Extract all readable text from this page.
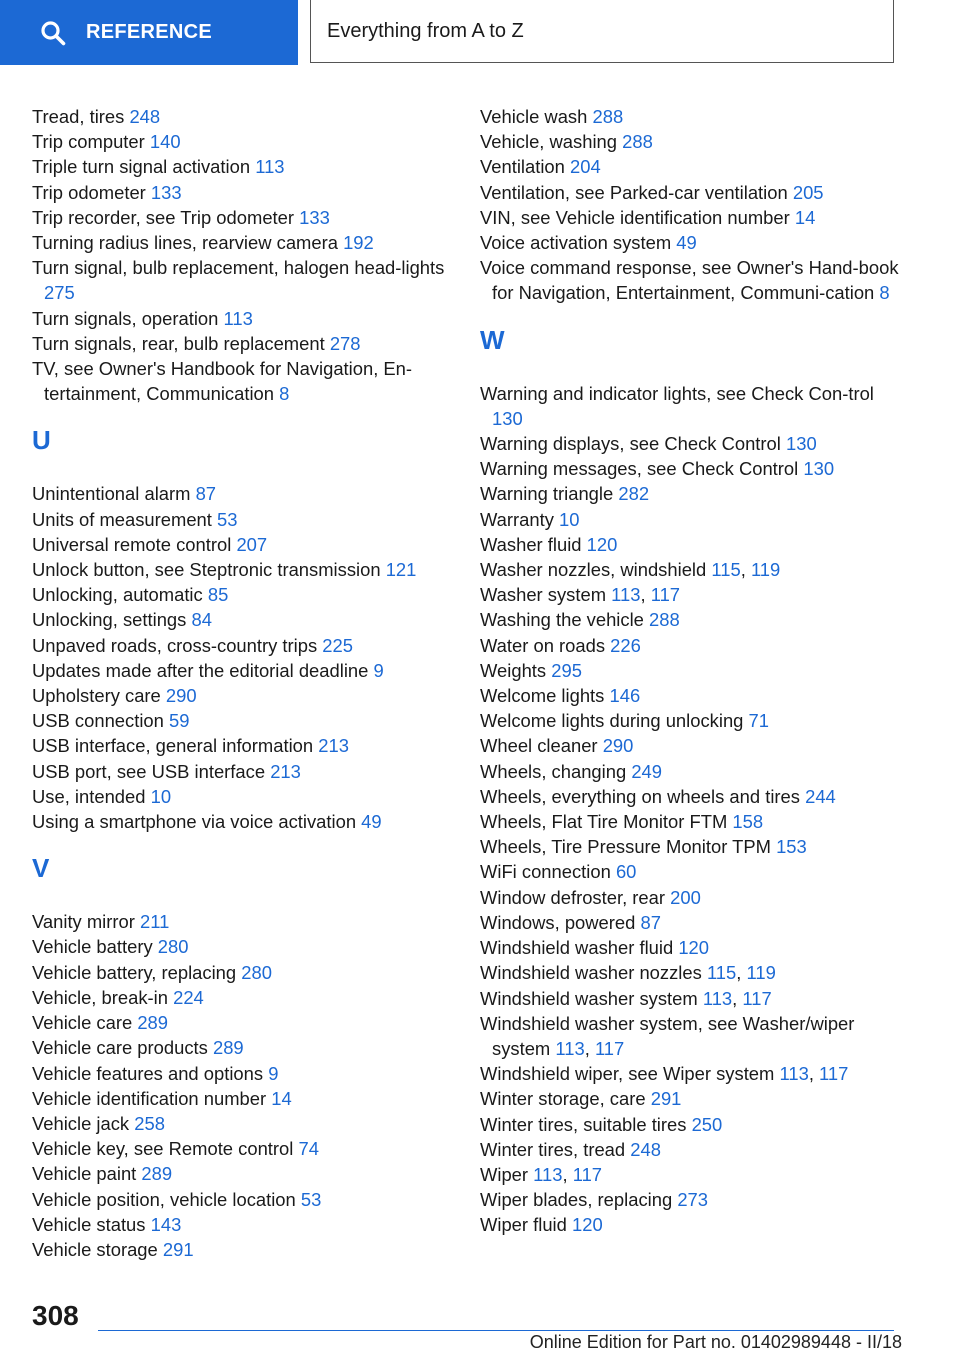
REFERENCE	Everything from A to Z
Tread, tires 248
Trip computer 140
Triple turn signal activation 113
Trip odometer 133
Trip recorder, see Trip odometer 133
Turning radius lines, rearview camera 192
Turn signal, bulb replacement, halogen head‐lights 275
Turn signals, operation 113
Turn signals, rear, bulb replacement 278
TV, see Owner's Handbook for Navigation, En‐tertainment, Communication 8
U
Unintentional alarm 87
Units of measurement 53
Universal remote control 207
Unlock button, see Steptronic transmission 121
Unlocking, automatic 85
Unlocking, settings 84
Unpaved roads, cross-country trips 225
Updates made after the editorial deadline 9
Upholstery care 290
USB connection 59
USB interface, general information 213
USB port, see USB interface 213
Use, intended 10
Using a smartphone via voice activation 49
V
Vanity mirror 211
Vehicle battery 280
Vehicle battery, replacing 280
Vehicle, break-in 224
Vehicle care 289
Vehicle care products 289
Vehicle features and options 9
Vehicle identification number 14
Vehicle jack 258
Vehicle key, see Remote control 74
Vehicle paint 289
Vehicle position, vehicle location 53
Vehicle status 143
Vehicle storage 291
Vehicle wash 288
Vehicle, washing 288
Ventilation 204
Ventilation, see Parked-car ventilation 205
VIN, see Vehicle identification number 14
Voice activation system 49
Voice command response, see Owner's Hand‐book for Navigation, Entertainment, Communi‐cation 8
W
Warning and indicator lights, see Check Con‐trol 130
Warning displays, see Check Control 130
Warning messages, see Check Control 130
Warning triangle 282
Warranty 10
Washer fluid 120
Washer nozzles, windshield 115, 119
Washer system 113, 117
Washing the vehicle 288
Water on roads 226
Weights 295
Welcome lights 146
Welcome lights during unlocking 71
Wheel cleaner 290
Wheels, changing 249
Wheels, everything on wheels and tires 244
Wheels, Flat Tire Monitor FTM 158
Wheels, Tire Pressure Monitor TPM 153
WiFi connection 60
Window defroster, rear 200
Windows, powered 87
Windshield washer fluid 120
Windshield washer nozzles 115, 119
Windshield washer system 113, 117
Windshield washer system, see Washer/wiper system 113, 117
Windshield wiper, see Wiper system 113, 117
Winter storage, care 291
Winter tires, suitable tires 250
Winter tires, tread 248
Wiper 113, 117
Wiper blades, replacing 273
Wiper fluid 120
308
Online Edition for Part no. 01402989448 - II/18
